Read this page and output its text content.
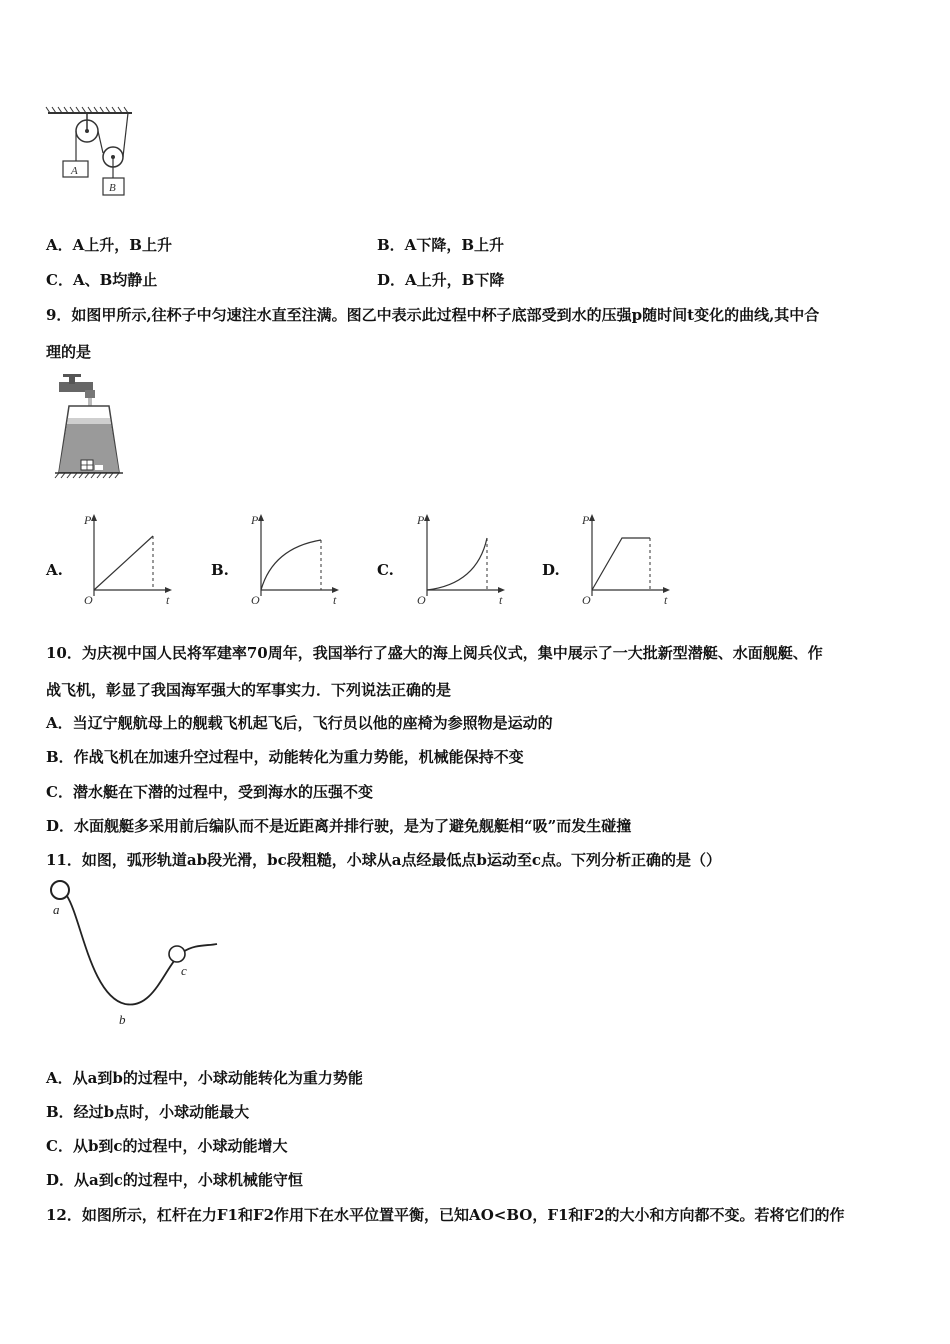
A
B
A．A上升，B上升	B．A下降，B上升
C．A、B均静止	D．A上升，B下降
9．如图甲所示,往杯子中匀速注水直至注满。图乙中表示此过程中杯子底部受到水的压强p随时间t变化的曲线,其中合
理的是
A.
P
t
O
B.
P
t
O
C.
P
t
O
D.
P
t
O
10．为庆视中国人民将军建率70周年，我国举行了盛大的海上阅兵仪式，集中展示了一大批新型潜艇、水面舰艇、作
战飞机，彰显了我国海军强大的军事实力．下列说法正确的是
A．当辽宁舰航母上的舰载飞机起飞后，飞行员以他的座椅为参照物是运动的
B．作战飞机在加速升空过程中，动能转化为重力势能，机械能保持不变
C．潜水艇在下潜的过程中，受到海水的压强不变
D．水面舰艇多采用前后编队而不是近距离并排行驶，是为了避免舰艇相“吸”而发生碰撞
11．如图，弧形轨道ab段光滑，bc段粗糙，小球从a点经最低点b运动至c点。下列分析正确的是（）
a
b
c
A．从a到b的过程中，小球动能转化为重力势能
B．经过b点时，小球动能最大
C．从b到c的过程中，小球动能增大
D．从a到c的过程中，小球机械能守恒
12．如图所示，杠杆在力F1和F2作用下在水平位置平衡，已知AO<BO，F1和F2的大小和方向都不变。若将它们的作
